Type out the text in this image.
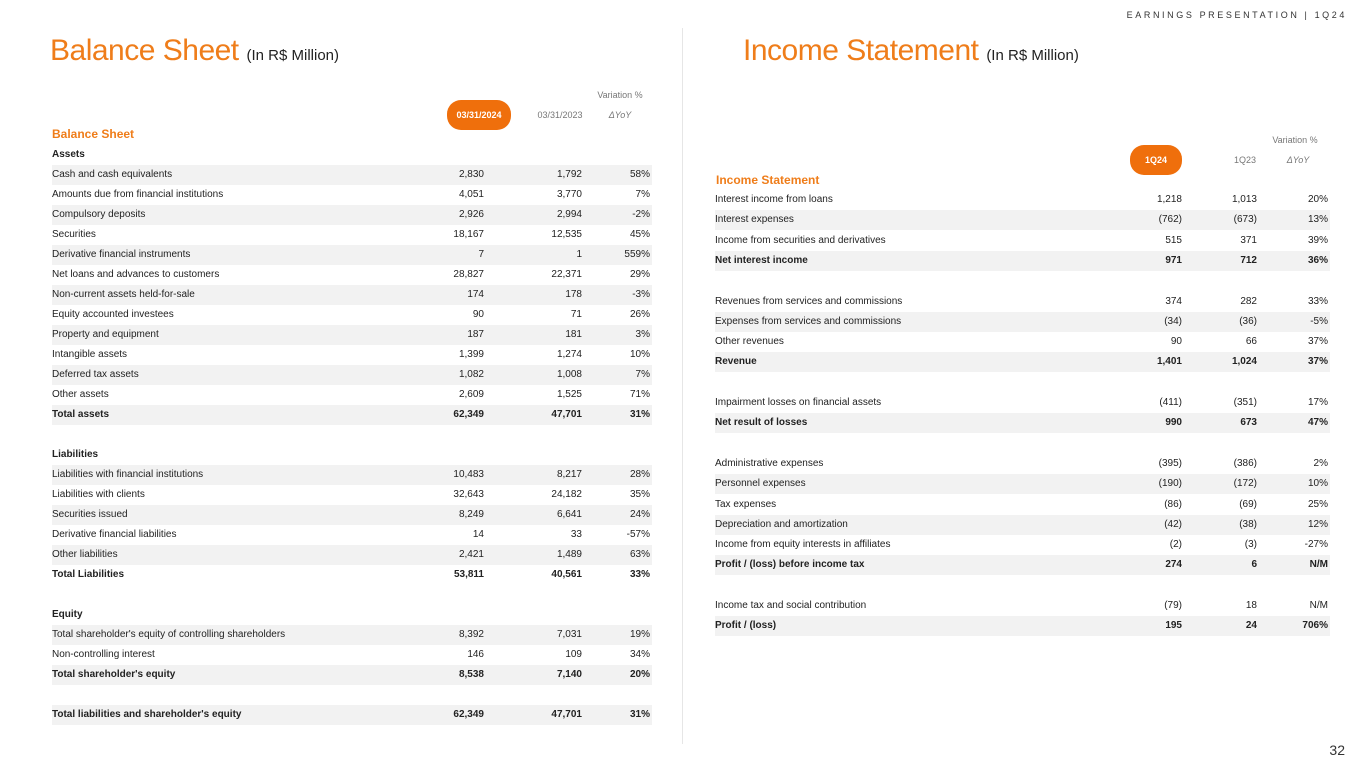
EARNINGS PRESENTATION | 1Q24
Balance Sheet (In R$ Million)
Variation %
03/31/2024	03/31/2023	ΔYoY
Balance Sheet
Assets
Cash and cash equivalents	2,830	1,792	58%
Amounts due from financial institutions	4,051	3,770	7%
Compulsory deposits	2,926	2,994	-2%
Securities	18,167	12,535	45%
Derivative financial instruments	7	1	559%
Net loans and advances to customers	28,827	22,371	29%
Non-current assets held-for-sale	174	178	-3%
Equity accounted investees	90	71	26%
Property and equipment	187	181	3%
Intangible assets	1,399	1,274	10%
Deferred tax assets	1,082	1,008	7%
Other assets	2,609	1,525	71%
Total assets	62,349	47,701	31%
Liabilities
Liabilities with financial institutions	10,483	8,217	28%
Liabilities with clients	32,643	24,182	35%
Securities issued	8,249	6,641	24%
Derivative financial liabilities	14	33	-57%
Other liabilities	2,421	1,489	63%
Total Liabilities	53,811	40,561	33%
Equity
Total shareholder's equity of controlling shareholders	8,392	7,031	19%
Non-controlling interest	146	109	34%
Total shareholder's equity	8,538	7,140	20%
Total liabilities and shareholder's equity	62,349	47,701	31%
Income Statement (In R$ Million)
Variation %
1Q24	1Q23	ΔYoY
Income Statement
Interest income from loans	1,218	1,013	20%
Interest expenses	(762)	(673)	13%
Income from securities and derivatives	515	371	39%
Net interest income	971	712	36%
Revenues from services and commissions	374	282	33%
Expenses from services and commissions	(34)	(36)	-5%
Other revenues	90	66	37%
Revenue	1,401	1,024	37%
Impairment losses on financial assets	(411)	(351)	17%
Net result of losses	990	673	47%
Administrative expenses	(395)	(386)	2%
Personnel expenses	(190)	(172)	10%
Tax expenses	(86)	(69)	25%
Depreciation and amortization	(42)	(38)	12%
Income from equity interests in affiliates	(2)	(3)	-27%
Profit / (loss) before income tax	274	6	N/M
Income tax and social contribution	(79)	18	N/M
Profit / (loss)	195	24	706%
32
